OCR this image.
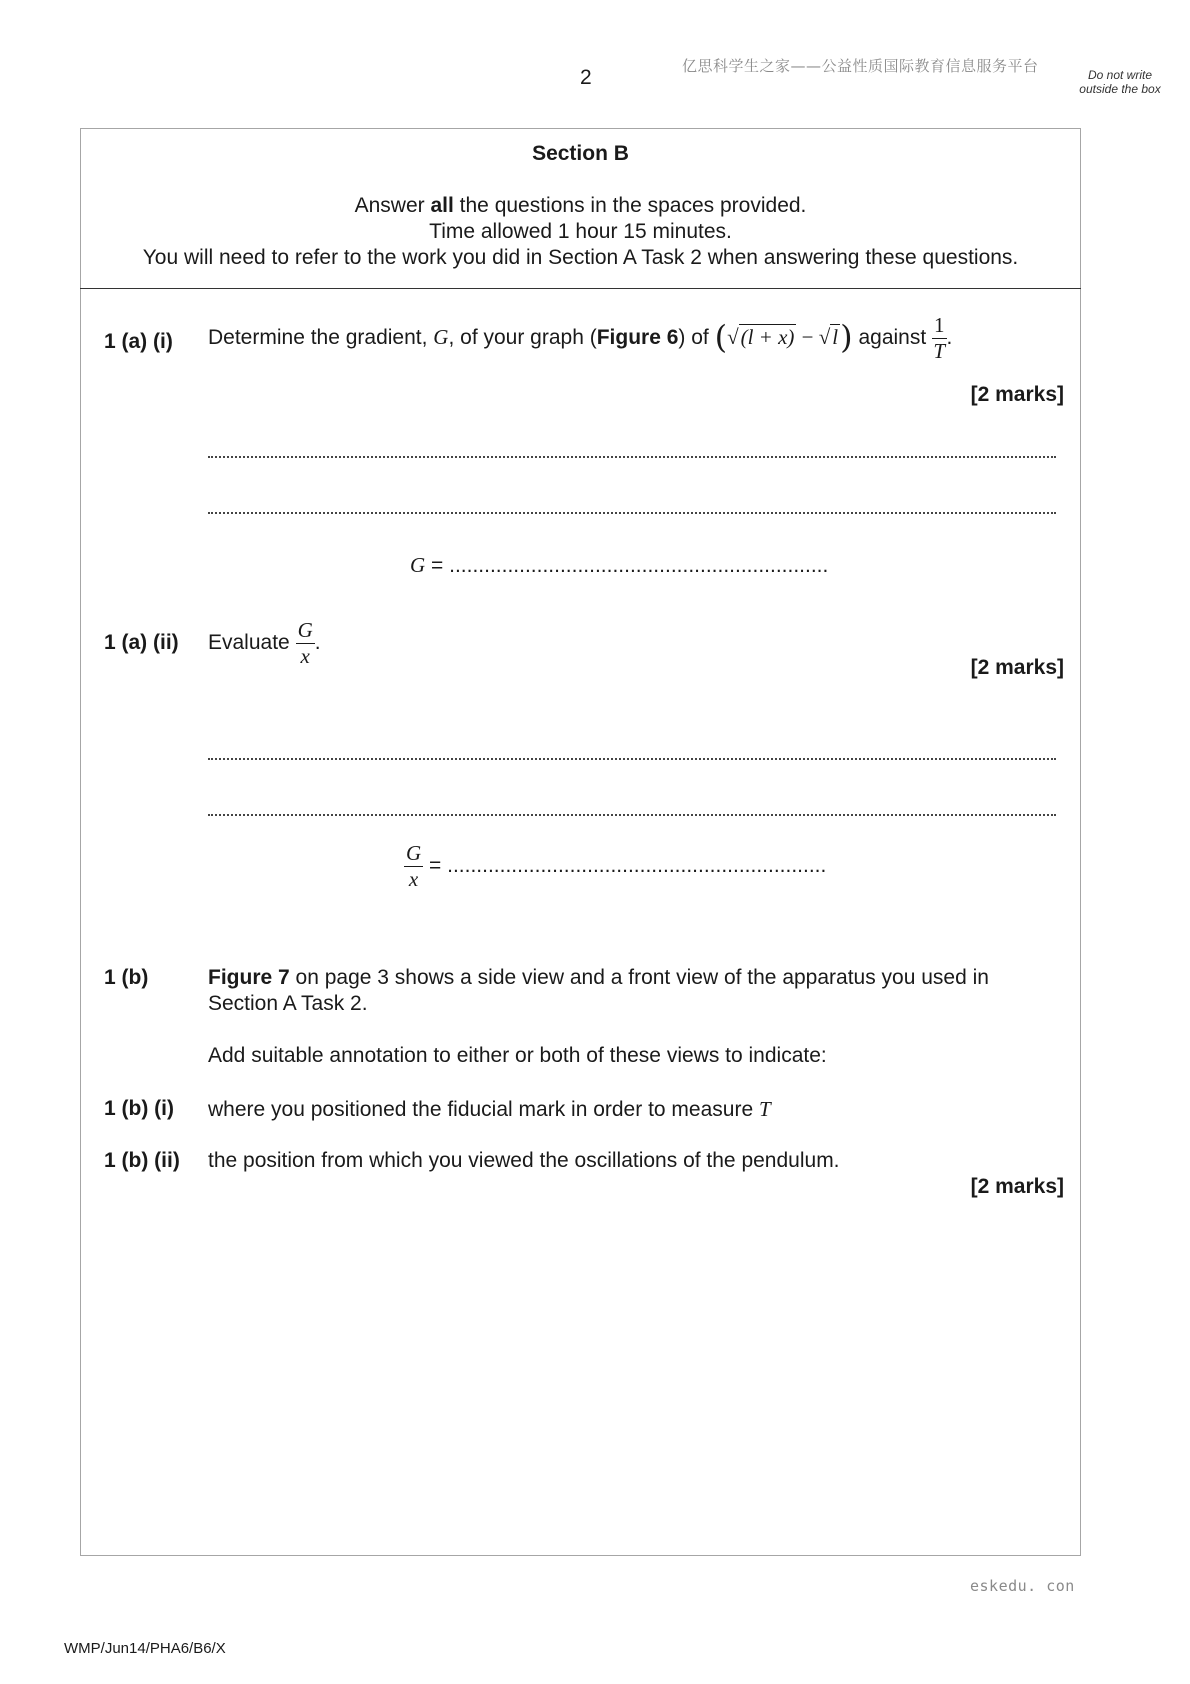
2	亿思科学生之家——公益性质国际教育信息服务平台	Do not write outside the box
Section B
Answer all the questions in the spaces provided.
Time allowed 1 hour 15 minutes.
You will need to refer to the work you did in Section A Task 2 when answering these questions.
1 (a) (i) Determine the gradient, G, of your graph (Figure 6) of (√(l + x) − √l) against $\frac{1}{T}$ .
[2 marks]
G = .................................................................
1 (a) (ii) Evaluate $\frac{G}{x}$ .
[2 marks]
$\frac{G}{x}$ = .................................................................
1 (b)	Figure 7 on page 3 shows a side view and a front view of the apparatus you used in
Section A Task 2.
Add suitable annotation to either or both of these views to indicate:
1 (b) (i) where you positioned the fiducial mark in order to measure T
1 (b) (ii) the position from which you viewed the oscillations of the pendulum.
[2 marks]
eskedu. con
WMP/Jun14/PHA6/B6/X
